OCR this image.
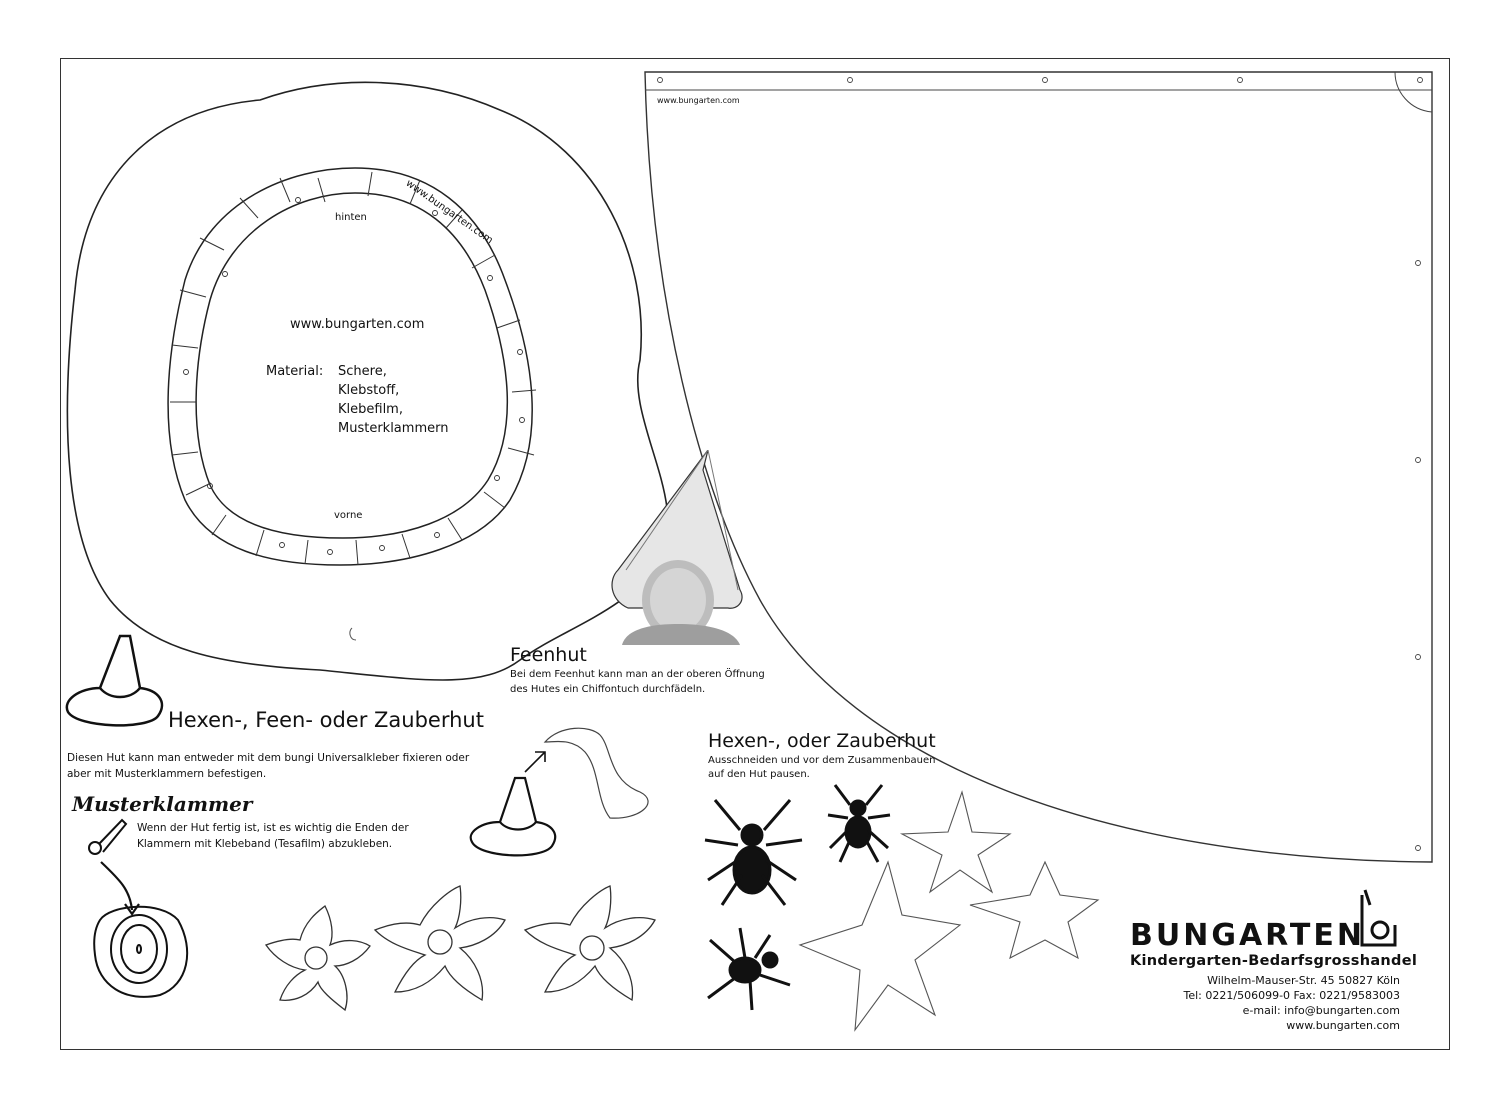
www.bungarten.com
www.bungarten.com
hinten
vorne
www.bungarten.com
Material: Schere,
Klebstoff,
Klebefilm,
Musterklammern
Hexen-, Feen- oder Zauberhut
Diesen Hut kann man entweder mit dem bungi Universalkleber fixieren oder aber mit Musterklammern befestigen.
Musterklammer
Wenn der Hut fertig ist, ist es wichtig die Enden der
Klammern mit Klebeband (Tesafilm) abzukleben.
Feenhut
Bei dem Feenhut kann man an der oberen Öffnung
des Hutes ein Chiffontuch durchfädeln.
Hexen-, oder Zauberhut
Ausschneiden und vor dem Zusammenbauen
auf den Hut pausen.
BUNGARTEN
Kindergarten-Bedarfsgrosshandel
Wilhelm-Mauser-Str. 45 50827 Köln
Tel: 0221/506099-0 Fax: 0221/9583003
e-mail: info@bungarten.com www.bungarten.com
